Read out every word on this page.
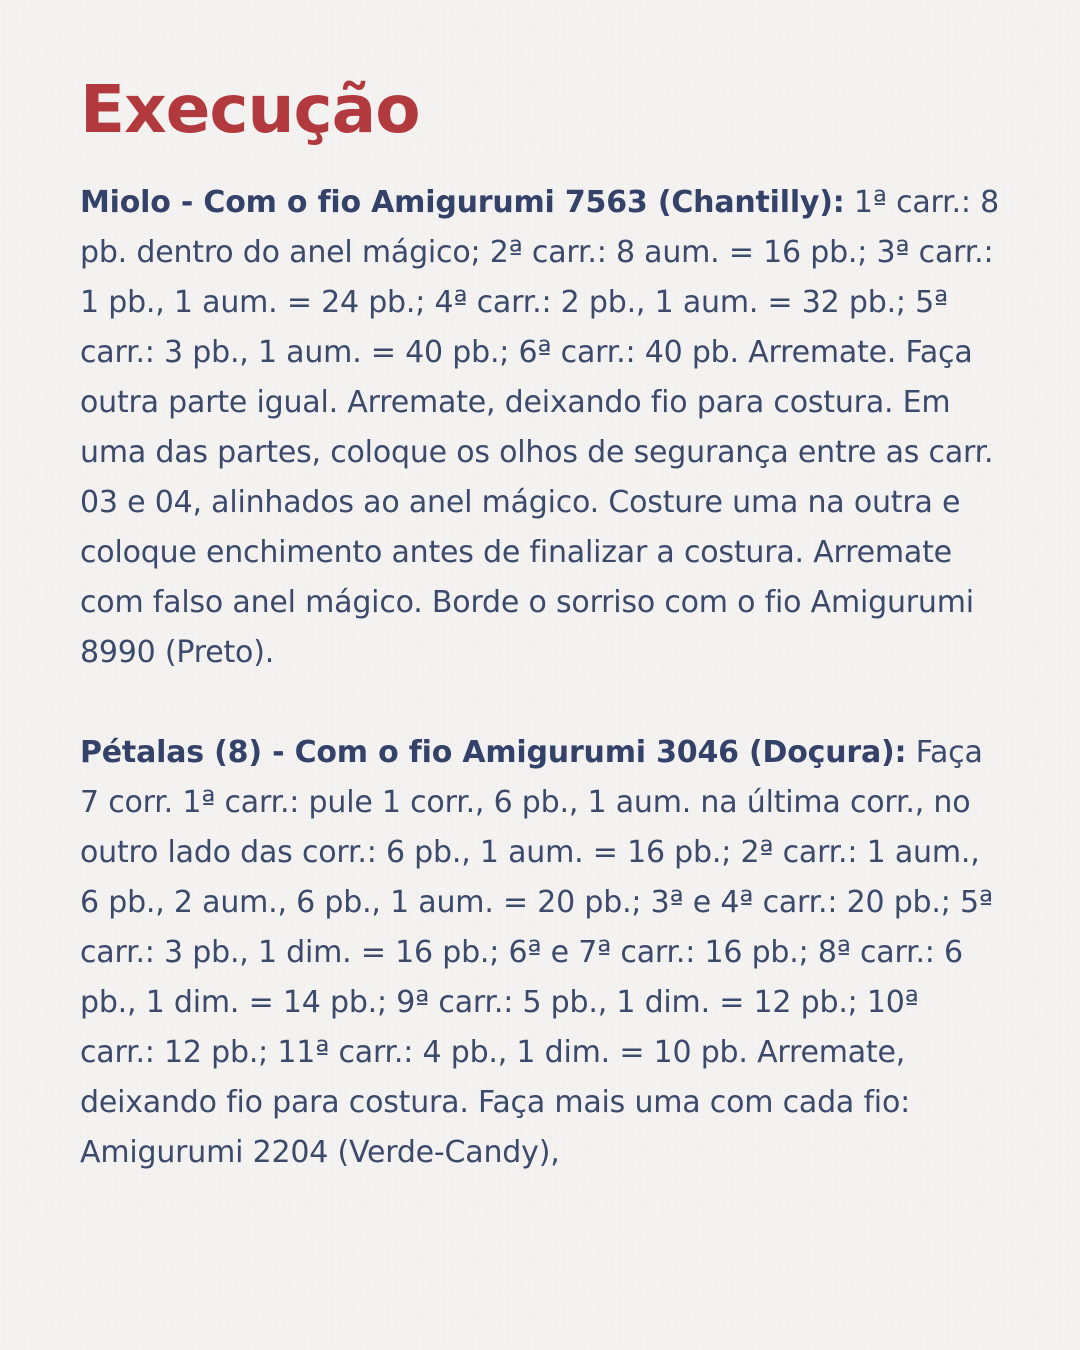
Execução

Miolo - Com o fio Amigurumi 7563 (Chantilly): 1ª carr.: 8 pb. dentro do anel mágico; 2ª carr.: 8 aum. = 16 pb.; 3ª carr.: 1 pb., 1 aum. = 24 pb.; 4ª carr.: 2 pb., 1 aum. = 32 pb.; 5ª carr.: 3 pb., 1 aum. = 40 pb.; 6ª carr.: 40 pb. Arremate. Faça outra parte igual. Arremate, deixando fio para costura. Em uma das partes, coloque os olhos de segurança entre as carr. 03 e 04, alinhados ao anel mágico. Costure uma na outra e coloque enchimento antes de finalizar a costura. Arremate com falso anel mágico. Borde o sorriso com o fio Amigurumi 8990 (Preto).

Pétalas (8) - Com o fio Amigurumi 3046 (Doçura): Faça 7 corr. 1ª carr.: pule 1 corr., 6 pb., 1 aum. na última corr., no outro lado das corr.: 6 pb., 1 aum. = 16 pb.; 2ª carr.: 1 aum., 6 pb., 2 aum., 6 pb., 1 aum. = 20 pb.; 3ª e 4ª carr.: 20 pb.; 5ª carr.: 3 pb., 1 dim. = 16 pb.; 6ª e 7ª carr.: 16 pb.; 8ª carr.: 6 pb., 1 dim. = 14 pb.; 9ª carr.: 5 pb., 1 dim. = 12 pb.; 10ª carr.: 12 pb.; 11ª carr.: 4 pb., 1 dim. = 10 pb. Arremate, deixando fio para costura. Faça mais uma com cada fio: Amigurumi 2204 (Verde-Candy),
